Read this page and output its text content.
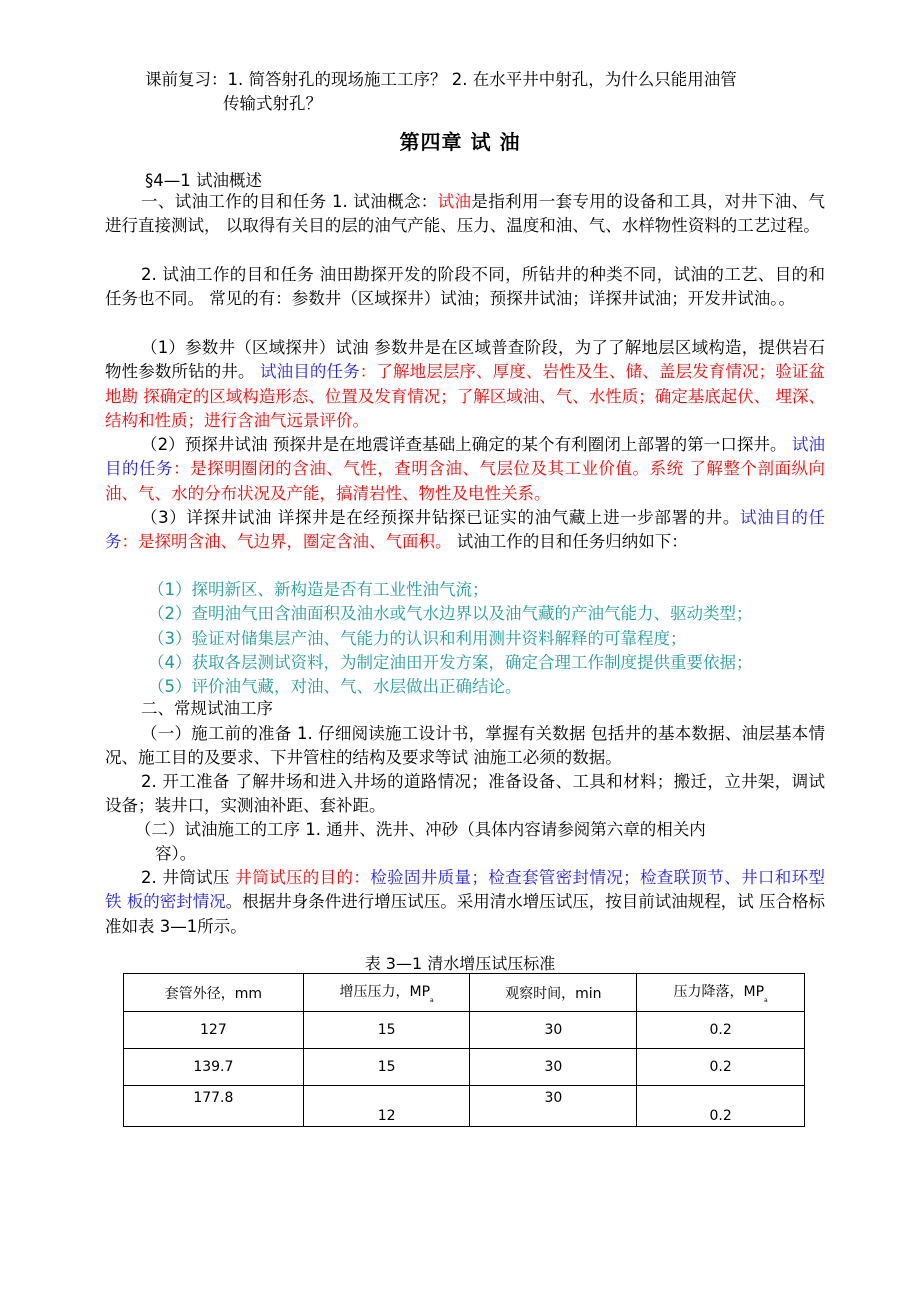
课前复习：1. 简答射孔的现场施工工序？ 2. 在水平井中射孔，为什么只能用油管
传输式射孔？
第四章 试 油
§4—1 试油概述

一、试油工作的目和任务 1. 试油概念：试油是指利用一套专用的设备和工具，对井下油、气进行直接测试， 以取得有关目的层的油气产能、压力、温度和油、气、水样物性资料的工艺过程。

2. 试油工作的目和任务 油田勘探开发的阶段不同，所钻井的种类不同，试油的工艺、目的和任务也不同。 常见的有：参数井（区域探井）试油；预探井试油；详探井试油；开发井试油。。

（1）参数井（区域探井）试油 参数井是在区域普查阶段，为了了解地层区域构造，提供岩石物性参数所钻的井。 试油目的任务：了解地层层序、厚度、岩性及生、储、盖层发育情况；验证盆地勘 探确定的区域构造形态、位置及发育情况；了解区域油、气、水性质；确定基底起伏、 埋深、结构和性质；进行含油气远景评价。

（2）预探井试油 预探井是在地震详查基础上确定的某个有利圈闭上部署的第一口探井。 试油目的任务：是探明圈闭的含油、气性，查明含油、气层位及其工业价值。系统 了解整个剖面纵向油、气、水的分布状况及产能，搞清岩性、物性及电性关系。

（3）详探井试油 详探井是在经预探井钻探已证实的油气藏上进一步部署的井。试油目的任务：是探明含油、气边界，圈定含油、气面积。 试油工作的目和任务归纳如下：

（1）探明新区、新构造是否有工业性油气流；
（2）查明油气田含油面积及油水或气水边界以及油气藏的产油气能力、驱动类型；
（3）验证对储集层产油、气能力的认识和利用测井资料解释的可靠程度；
（4）获取各层测试资料，为制定油田开发方案，确定合理工作制度提供重要依据；
（5）评价油气藏，对油、气、水层做出正确结论。
二、常规试油工序

（一）施工前的准备 1. 仔细阅读施工设计书，掌握有关数据 包括井的基本数据、油层基本情况、施工目的及要求、下井管柱的结构及要求等试 油施工必须的数据。

2. 开工准备 了解井场和进入井场的道路情况；准备设备、工具和材料；搬迁，立井架，调试 设备；装井口，实测油补距、套补距。

（二）试油施工的工序 1. 通井、洗井、冲砂（具体内容请参阅第六章的相关内
容）。

2. 井筒试压 井筒试压的目的：检验固井质量；检查套管密封情况；检查联顶节、井口和环型铁 板的密封情况。根据井身条件进行增压试压。采用清水增压试压，按目前试油规程，试 压合格标准如表 3—1所示。

表 3—1 清水增压试压标准
套管外径，mm	增压压力，$MP_a$	观察时间，min	压力降落，$MP_a$
127	15	30	0.2
139.7	15	30	0.2
177.8	12	30	0.2
